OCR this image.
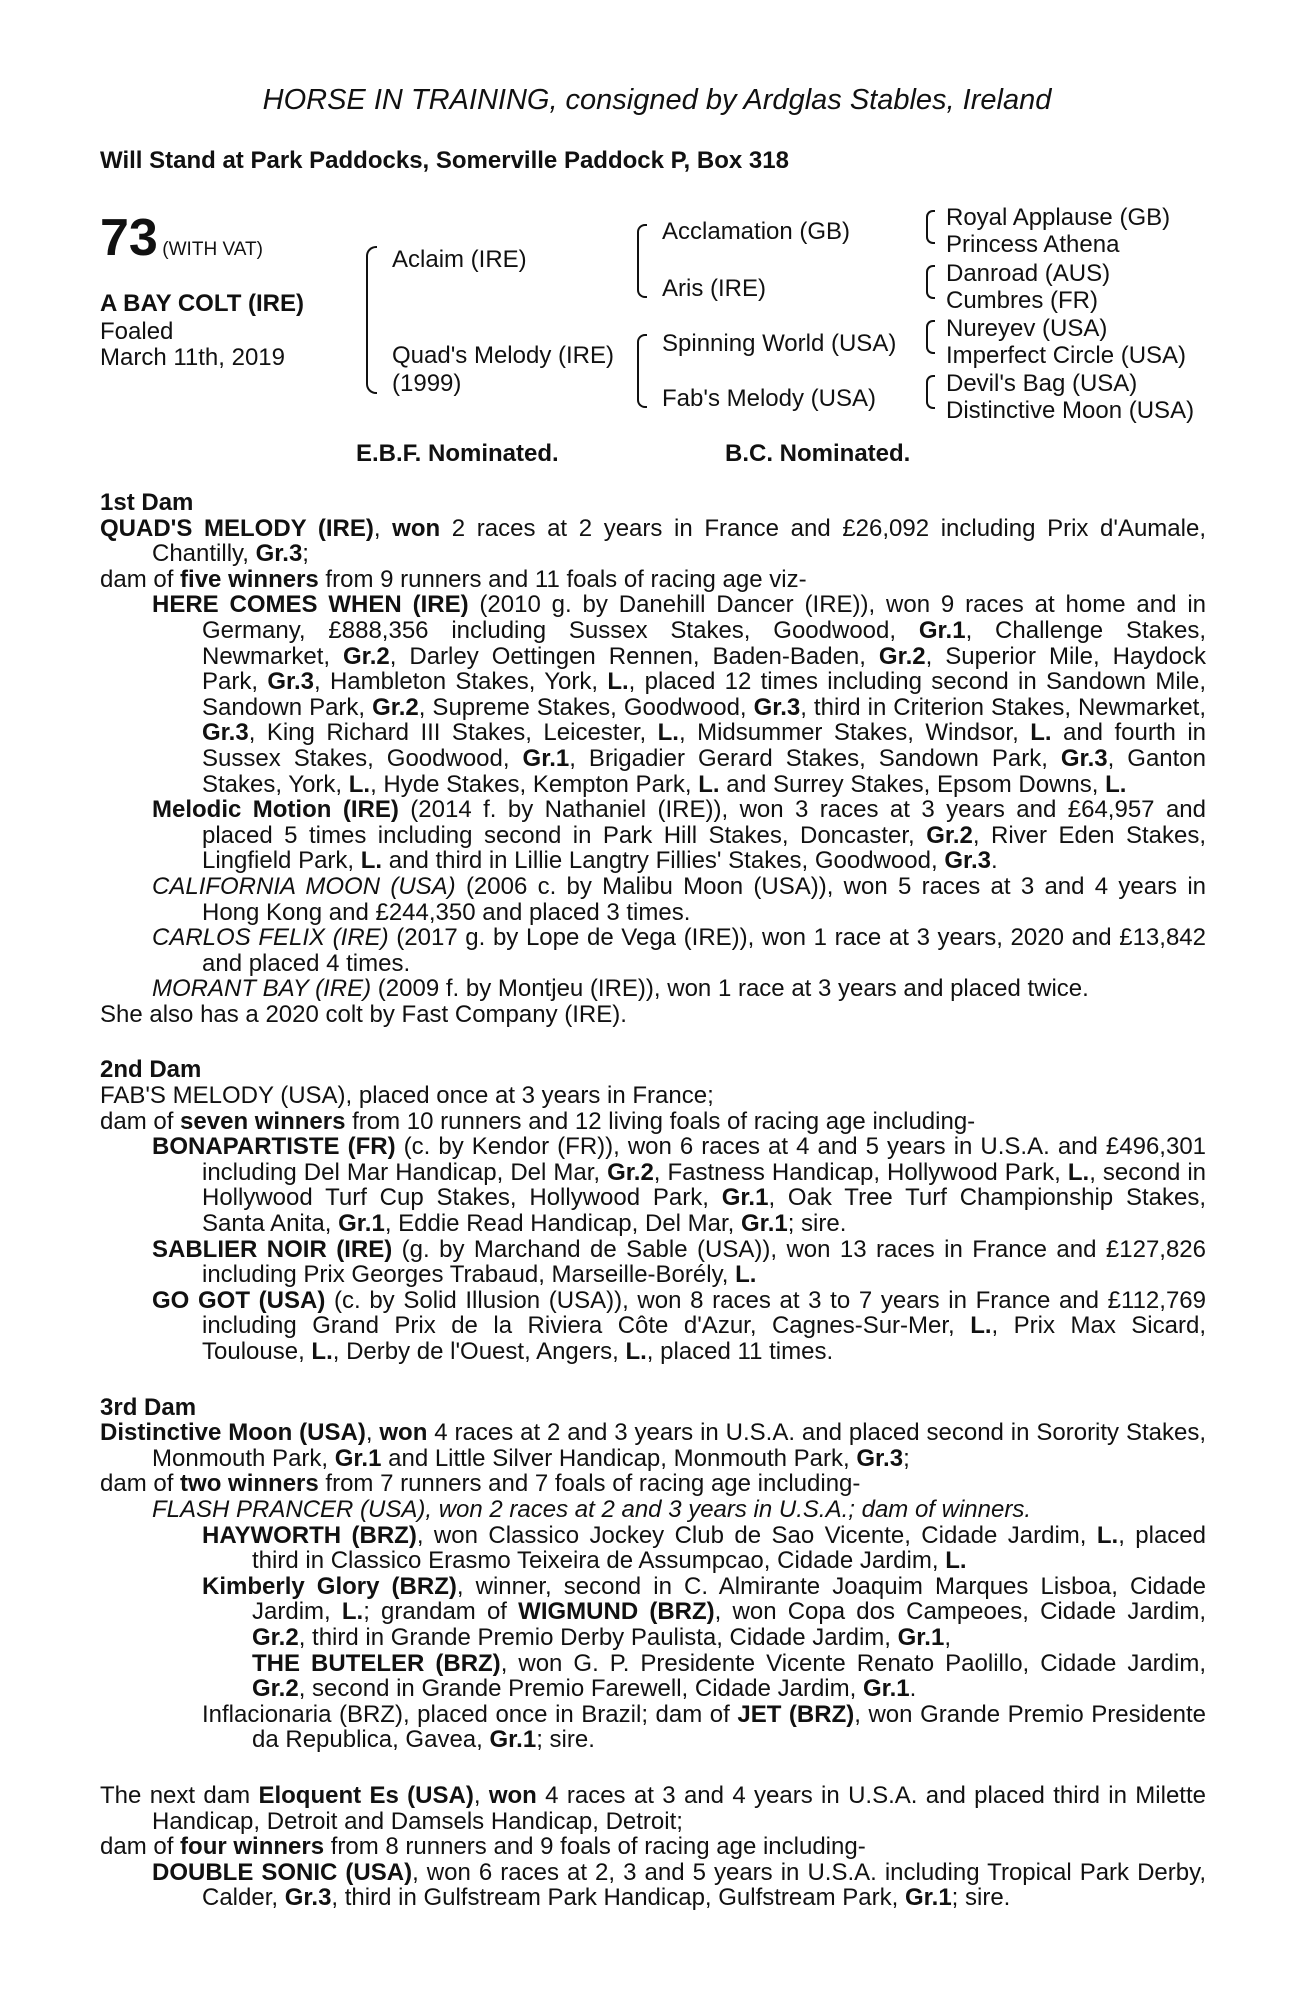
HORSE IN TRAINING, consigned by Ardglas Stables, Ireland
Will Stand at Park Paddocks, Somerville Paddock P, Box 318
73 (WITH VAT)
A BAY COLT (IRE)
Foaled
March 11th, 2019
Aclaim (IRE)
Quad's Melody (IRE)
(1999)
Acclamation (GB)
Aris (IRE)
Spinning World (USA)
Fab's Melody (USA)
Royal Applause (GB)
Princess Athena
Danroad (AUS)
Cumbres (FR)
Nureyev (USA)
Imperfect Circle (USA)
Devil's Bag (USA)
Distinctive Moon (USA)
E.B.F. Nominated.	B.C. Nominated.

1st Dam

QUAD'S MELODY (IRE), won 2 races at 2 years in France and £26,092 including Prix d'Aumale, Chantilly, Gr.3;

dam of five winners from 9 runners and 11 foals of racing age viz-

HERE COMES WHEN (IRE) (2010 g. by Danehill Dancer (IRE)), won 9 races at home and in Germany, £888,356 including Sussex Stakes, Goodwood, Gr.1, Challenge Stakes, Newmarket, Gr.2, Darley Oettingen Rennen, Baden-Baden, Gr.2, Superior Mile, Haydock Park, Gr.3, Hambleton Stakes, York, L., placed 12 times including second in Sandown Mile, Sandown Park, Gr.2, Supreme Stakes, Goodwood, Gr.3, third in Criterion Stakes, Newmarket, Gr.3, King Richard III Stakes, Leicester, L., Midsummer Stakes, Windsor, L. and fourth in Sussex Stakes, Goodwood, Gr.1, Brigadier Gerard Stakes, Sandown Park, Gr.3, Ganton Stakes, York, L., Hyde Stakes, Kempton Park, L. and Surrey Stakes, Epsom Downs, L.

Melodic Motion (IRE) (2014 f. by Nathaniel (IRE)), won 3 races at 3 years and £64,957 and placed 5 times including second in Park Hill Stakes, Doncaster, Gr.2, River Eden Stakes, Lingfield Park, L. and third in Lillie Langtry Fillies' Stakes, Goodwood, Gr.3.

CALIFORNIA MOON (USA) (2006 c. by Malibu Moon (USA)), won 5 races at 3 and 4 years in Hong Kong and £244,350 and placed 3 times.

CARLOS FELIX (IRE) (2017 g. by Lope de Vega (IRE)), won 1 race at 3 years, 2020 and £13,842 and placed 4 times.

MORANT BAY (IRE) (2009 f. by Montjeu (IRE)), won 1 race at 3 years and placed twice.

She also has a 2020 colt by Fast Company (IRE).

2nd Dam

FAB'S MELODY (USA), placed once at 3 years in France;

dam of seven winners from 10 runners and 12 living foals of racing age including-

BONAPARTISTE (FR) (c. by Kendor (FR)), won 6 races at 4 and 5 years in U.S.A. and £496,301 including Del Mar Handicap, Del Mar, Gr.2, Fastness Handicap, Hollywood Park, L., second in Hollywood Turf Cup Stakes, Hollywood Park, Gr.1, Oak Tree Turf Championship Stakes, Santa Anita, Gr.1, Eddie Read Handicap, Del Mar, Gr.1; sire.

SABLIER NOIR (IRE) (g. by Marchand de Sable (USA)), won 13 races in France and £127,826 including Prix Georges Trabaud, Marseille-Borély, L.

GO GOT (USA) (c. by Solid Illusion (USA)), won 8 races at 3 to 7 years in France and £112,769 including Grand Prix de la Riviera Côte d'Azur, Cagnes-Sur-Mer, L., Prix Max Sicard, Toulouse, L., Derby de l'Ouest, Angers, L., placed 11 times.

3rd Dam

Distinctive Moon (USA), won 4 races at 2 and 3 years in U.S.A. and placed second in Sorority Stakes, Monmouth Park, Gr.1 and Little Silver Handicap, Monmouth Park, Gr.3;

dam of two winners from 7 runners and 7 foals of racing age including-

FLASH PRANCER (USA), won 2 races at 2 and 3 years in U.S.A.; dam of winners.

HAYWORTH (BRZ), won Classico Jockey Club de Sao Vicente, Cidade Jardim, L., placed third in Classico Erasmo Teixeira de Assumpcao, Cidade Jardim, L.

Kimberly Glory (BRZ), winner, second in C. Almirante Joaquim Marques Lisboa, Cidade Jardim, L.; grandam of WIGMUND (BRZ), won Copa dos Campeoes, Cidade Jardim, Gr.2, third in Grande Premio Derby Paulista, Cidade Jardim, Gr.1,

THE BUTELER (BRZ), won G. P. Presidente Vicente Renato Paolillo, Cidade Jardim, Gr.2, second in Grande Premio Farewell, Cidade Jardim, Gr.1.

Inflacionaria (BRZ), placed once in Brazil; dam of JET (BRZ), won Grande Premio Presidente da Republica, Gavea, Gr.1; sire.

The next dam Eloquent Es (USA), won 4 races at 3 and 4 years in U.S.A. and placed third in Milette Handicap, Detroit and Damsels Handicap, Detroit;

dam of four winners from 8 runners and 9 foals of racing age including-

DOUBLE SONIC (USA), won 6 races at 2, 3 and 5 years in U.S.A. including Tropical Park Derby, Calder, Gr.3, third in Gulfstream Park Handicap, Gulfstream Park, Gr.1; sire.
